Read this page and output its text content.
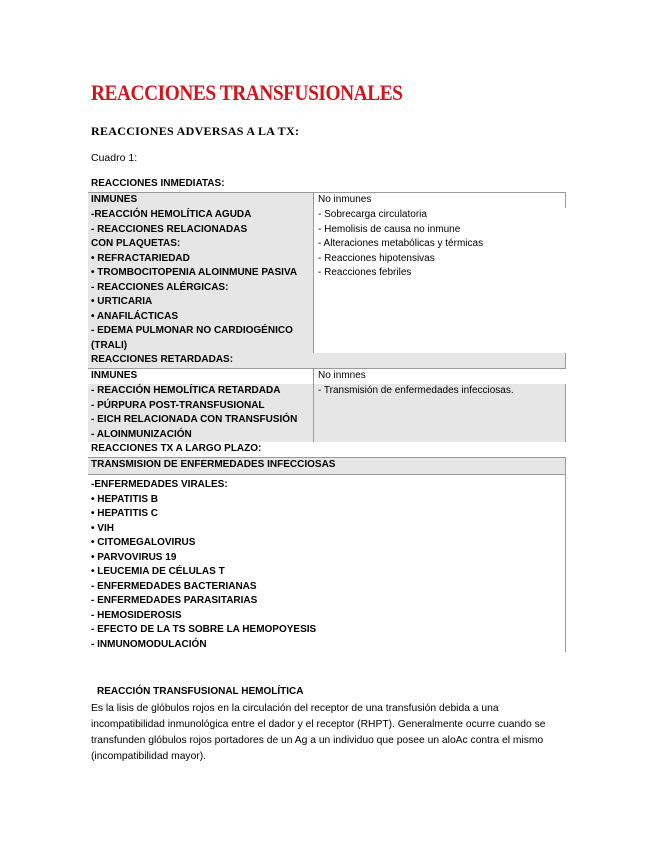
REACCIONES TRANSFUSIONALES
REACCIONES ADVERSAS A LA TX:
Cuadro 1:
REACCIONES INMEDIATAS:
INMUNES	No inmunes
-REACCIÓN HEMOLÍTICA AGUDA
- REACCIONES RELACIONADAS
CON PLAQUETAS:
• REFRACTARIEDAD
• TROMBOCITOPENIA ALOINMUNE PASIVA
- REACCIONES ALÉRGICAS:
• URTICARIA
• ANAFILÁCTICAS
- EDEMA PULMONAR NO CARDIOGÉNICO
(TRALI)
- Sobrecarga circulatoria
- Hemolisis de causa no inmune
- Alteraciones metabólicas y térmicas
- Reacciones hipotensivas
- Reacciones febriles
REACCIONES RETARDADAS:
INMUNES	No inmnes
- REACCIÓN HEMOLÍTICA RETARDADA
- PÚRPURA POST-TRANSFUSIONAL
- EICH RELACIONADA CON TRANSFUSIÓN
- ALOINMUNIZACIÓN
- Transmisión de enfermedades infecciosas.
REACCIONES TX A LARGO PLAZO:
TRANSMISION DE ENFERMEDADES INFECCIOSAS
-ENFERMEDADES VIRALES:
• HEPATITIS B
• HEPATITIS C
• VIH
• CITOMEGALOVIRUS
• PARVOVIRUS 19
• LEUCEMIA DE CÉLULAS T
- ENFERMEDADES BACTERIANAS
- ENFERMEDADES PARASITARIAS
- HEMOSIDEROSIS
- EFECTO DE LA TS SOBRE LA HEMOPOYESIS
- INMUNOMODULACIÓN
REACCIÓN TRANSFUSIONAL HEMOLÍTICA
Es la lisis de glóbulos rojos en la circulación del receptor de una transfusión debida a una incompatibilidad inmunológica entre el dador y el receptor (RHPT). Generalmente ocurre cuando se transfunden glóbulos rojos portadores de un Ag a un individuo que posee un aloAc contra el mismo (incompatibilidad mayor).
